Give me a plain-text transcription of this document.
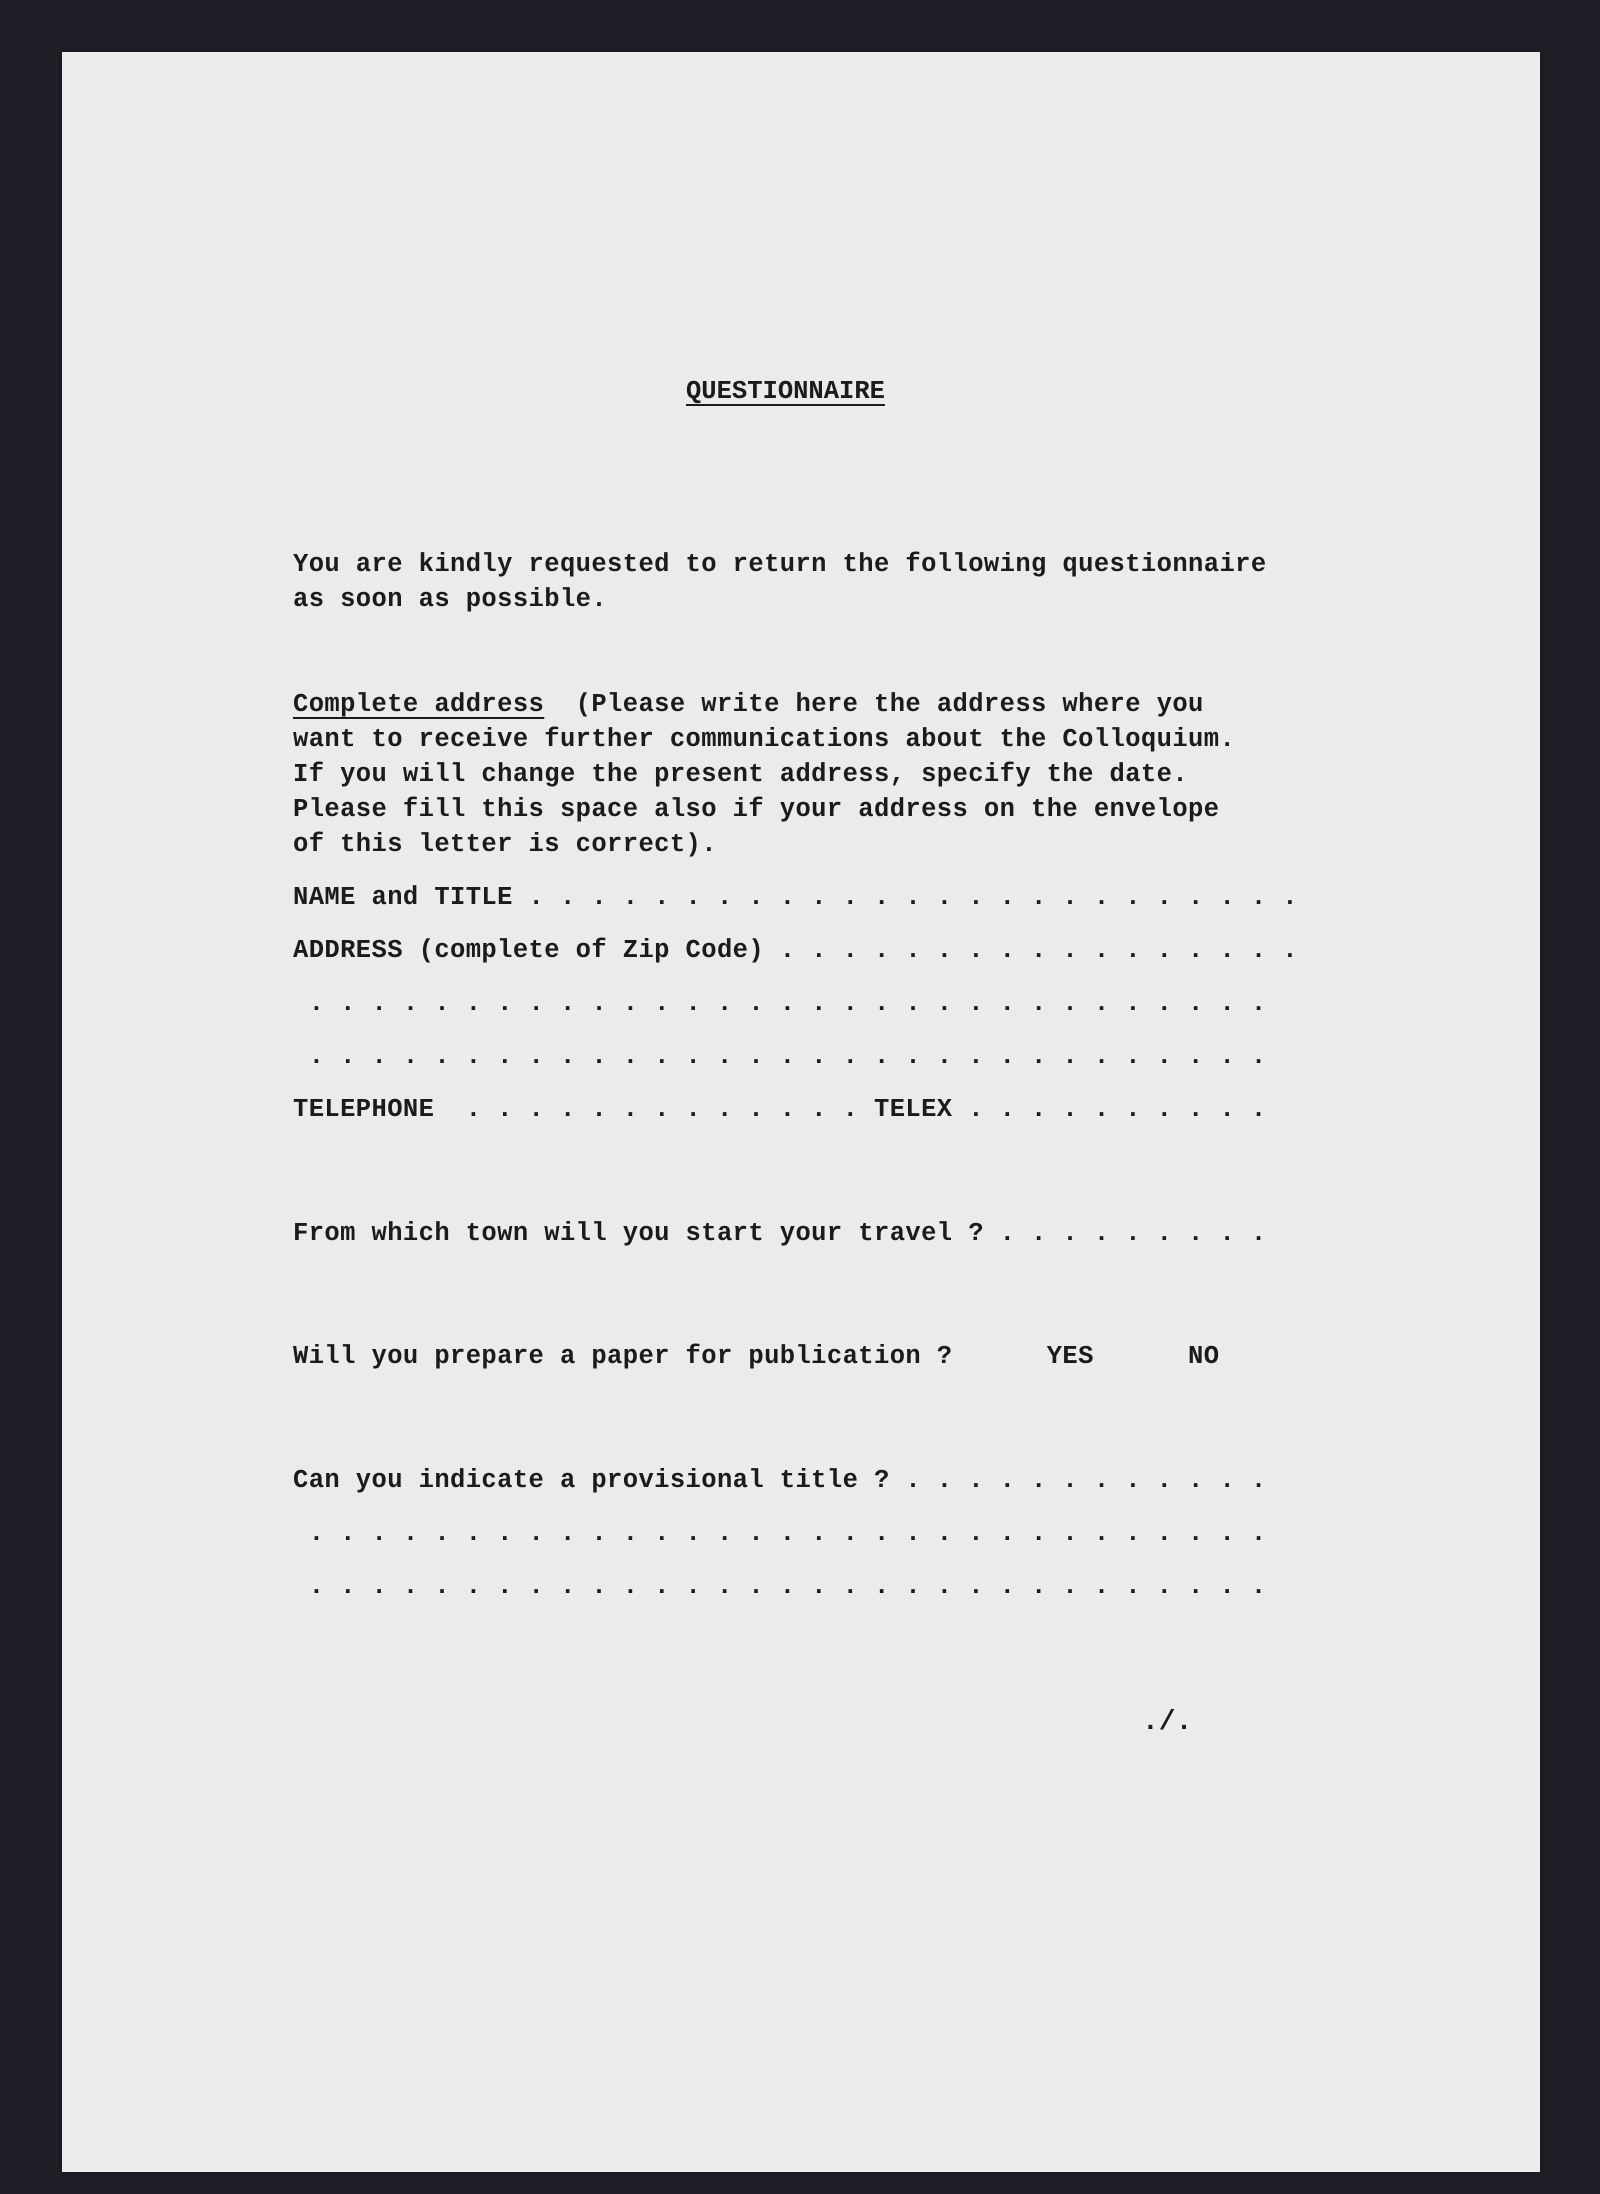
QUESTIONNAIRE
You are kindly requested to return the following questionnaire
as soon as possible.
Complete address (Please write here the address where you
want to receive further communications about the Colloquium.
If you will change the present address, specify the date.
Please fill this space also if your address on the envelope
of this letter is correct).
NAME and TITLE . . . . . . . . . . . . . . . . . . . . . . . . .
ADDRESS (complete of Zip Code) . . . . . . . . . . . . . . . . .
. . . . . . . . . . . . . . . . . . . . . . . . . . . . . . .
. . . . . . . . . . . . . . . . . . . . . . . . . . . . . . .
TELEPHONE  . . . . . . . . . . . . . TELEX . . . . . . . . . .
From which town will you start your travel ? . . . . . . . . .
Will you prepare a paper for publication ?      YES      NO
Can you indicate a provisional title ? . . . . . . . . . . . .
. . . . . . . . . . . . . . . . . . . . . . . . . . . . . . .
. . . . . . . . . . . . . . . . . . . . . . . . . . . . . . .
./.
